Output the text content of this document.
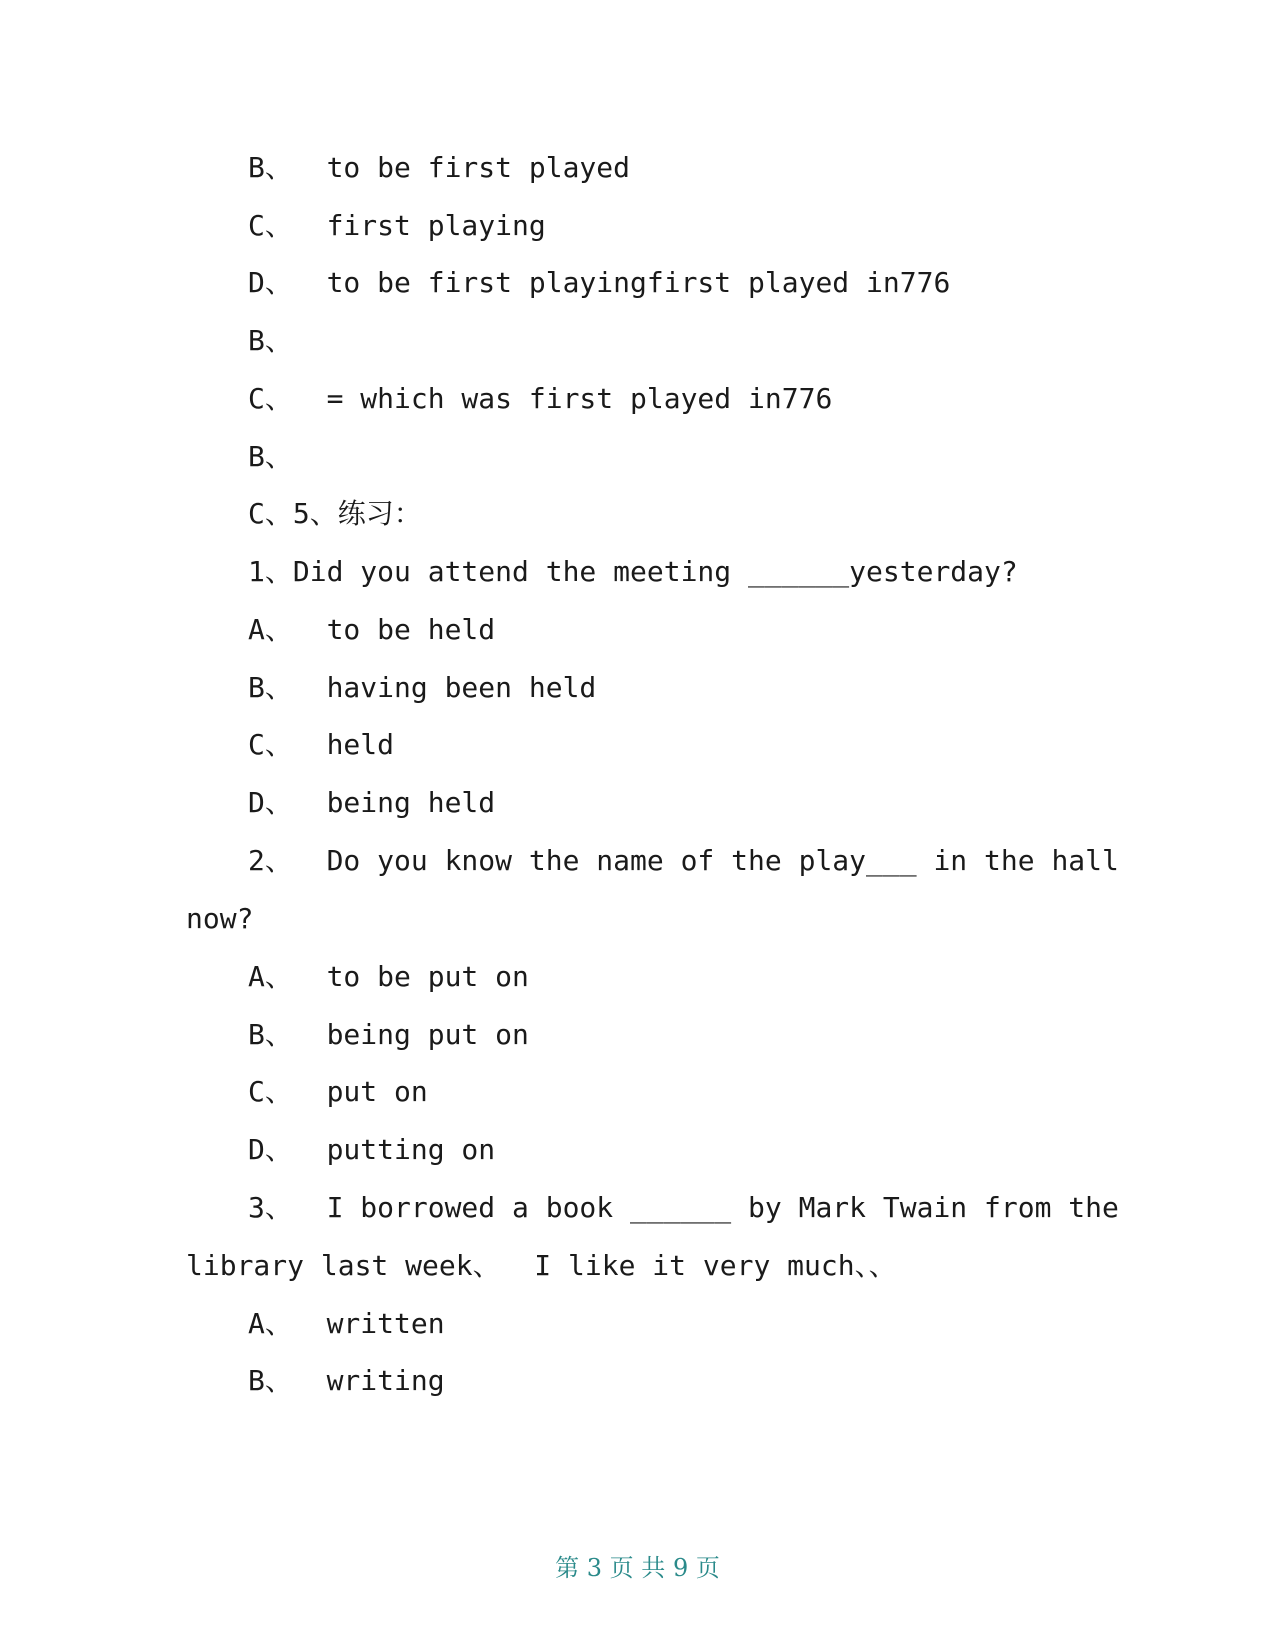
B、  to be first played
C、  first playing
D、  to be first playingfirst played in776
B、
C、  = which was first played in776
B、
C、5、练习：
1、Did you attend the meeting ______yesterday?
A、  to be held
B、  having been held
C、  held
D、  being held
2、  Do you know the name of the play___ in the hall
now?
A、  to be put on
B、  being put on
C、  put on
D、  putting on
3、  I borrowed a book ______ by Mark Twain from the
library last week、  I like it very much、、
A、  written
B、  writing
第 3 页 共 9 页
